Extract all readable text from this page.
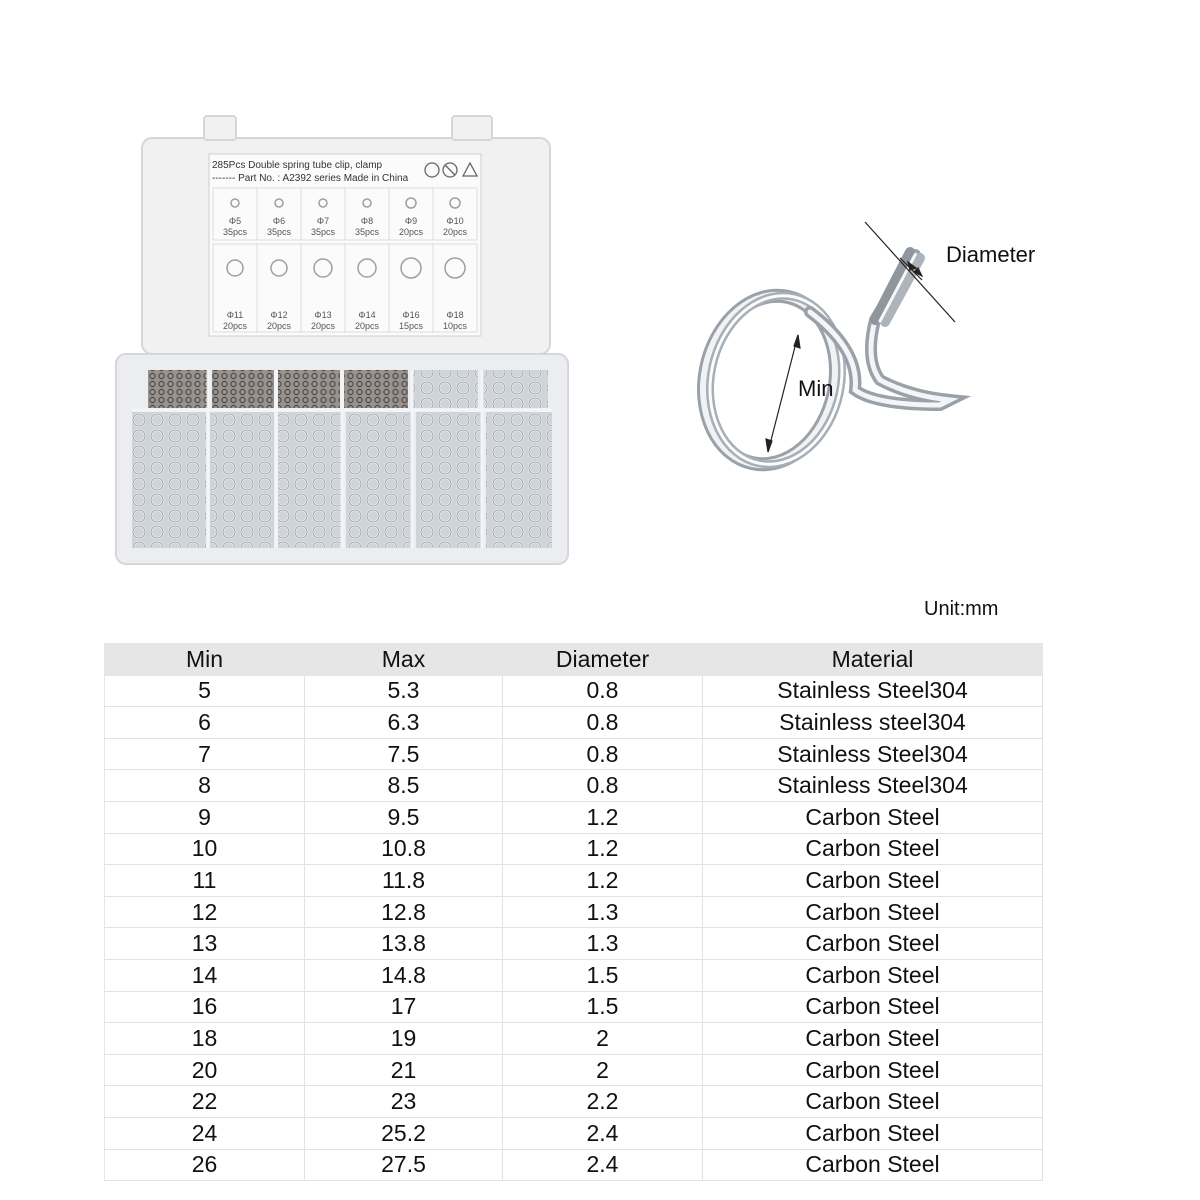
285Pcs Double spring tube clip, clamp
------- Part No. : A2392 series Made in China
Φ5
35pcs
Φ6
35pcs
Φ7
35pcs
Φ8
35pcs
Φ9
20pcs
Φ10
20pcs
Φ11
20pcs
Φ12
20pcs
Φ13
20pcs
Φ14
20pcs
Φ16
15pcs
Φ18
10pcs
Diameter
Min
Unit:mm
Min	Max	Diameter	Material
5	5.3	0.8	Stainless Steel304
6	6.3	0.8	Stainless steel304
7	7.5	0.8	Stainless Steel304
8	8.5	0.8	Stainless Steel304
9	9.5	1.2	Carbon Steel
10	10.8	1.2	Carbon Steel
11	11.8	1.2	Carbon Steel
12	12.8	1.3	Carbon Steel
13	13.8	1.3	Carbon Steel
14	14.8	1.5	Carbon Steel
16	17	1.5	Carbon Steel
18	19	2	Carbon Steel
20	21	2	Carbon Steel
22	23	2.2	Carbon Steel
24	25.2	2.4	Carbon Steel
26	27.5	2.4	Carbon Steel
